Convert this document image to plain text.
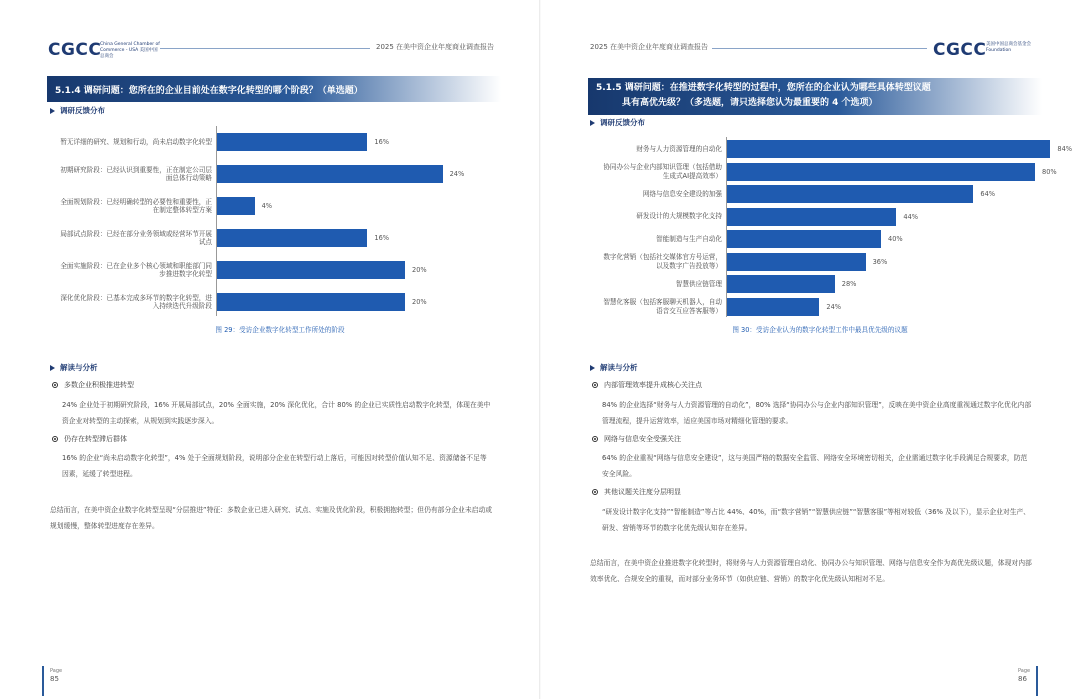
CGCC
China General Chamber of Commerce - USA 美国中国总商会
2025 在美中资企业年度商业调查报告
5.1.4 调研问题：您所在的企业目前处在数字化转型的哪个阶段？（单选题）
调研反馈分布
暂无详细的研究、规划和行动，尚未启动数字化转型	16%
初期研究阶段：已经认识到重要性，正在制定公司层面总体行动策略	24%
全面规划阶段：已经明确转型的必要性和重要性，正在制定整体转型方案	4%
局部试点阶段：已经在部分业务领域或经营环节开展试点	16%
全面实施阶段：已在企业多个核心领域和职能部门同步推进数字化转型	20%
深化优化阶段：已基本完成多环节的数字化转型，进入持续迭代升级阶段	20%
图 29：受访企业数字化转型工作所处的阶段
解读与分析
多数企业积极推进转型
24% 企业处于初期研究阶段，16% 开展局部试点，20% 全面实施，20% 深化优化，合计 80% 的企业已实质性启动数字化转型，体现在美中资企业对转型的主动探索，从规划到实践逐步深入。
仍存在转型滞后群体
16% 的企业“尚未启动数字化转型”，4% 处于全面规划阶段，说明部分企业在转型行动上落后，可能因对转型价值认知不足、资源储备不足等因素，延缓了转型进程。
总结而言，在美中资企业数字化转型呈现“分层推进”特征：多数企业已进入研究、试点、实施及优化阶段，积极拥抱转型；但仍有部分企业未启动或规划缓慢，整体转型进度存在差异。
Page
85
2025 在美中资企业年度商业调查报告	CGCC 美国中国总商会基金会 Foundation
5.1.5 调研问题：在推进数字化转型的过程中，您所在的企业认为哪些具体转型议题
具有高优先级？（多选题，请只选择您认为最重要的 4 个选项）
调研反馈分布
财务与人力资源管理的自动化	84%
协同办公与企业内部知识管理（包括借助生成式AI提高效率）	80%
网络与信息安全建设的加强	64%
研发设计的大规模数字化支持	44%
智能制造与生产自动化	40%
数字化营销（包括社交媒体官方号运营，以及数字广告投放等）	36%
智慧供应链管理	28%
智慧化客服（包括客服聊天机器人，自动语音交互应答客服等）	24%
图 30：受访企业认为的数字化转型工作中最具优先级的议题
解读与分析
内部管理效率提升成核心关注点
84% 的企业选择“财务与人力资源管理的自动化”，80% 选择“协同办公与企业内部知识管理”，反映在美中资企业高度重视通过数字化优化内部管理流程，提升运营效率，适应美国市场对精细化管理的要求。
网络与信息安全受强关注
64% 的企业重视“网络与信息安全建设”，这与美国严格的数据安全监管、网络安全环境密切相关，企业需通过数字化手段满足合规要求，防范安全风险。
其他议题关注度分层明显
“研发设计数字化支持”“智能制造”等占比 44%、40%，而“数字营销”“智慧供应链”“智慧客服”等相对较低（36% 及以下），显示企业对生产、研发、营销等环节的数字化优先级认知存在差异。
总结而言，在美中资企业推进数字化转型时，将财务与人力资源管理自动化、协同办公与知识管理、网络与信息安全作为高优先级议题，体现对内部效率优化、合规安全的重视，而对部分业务环节（如供应链、营销）的数字化优先级认知相对不足。
Page
86
